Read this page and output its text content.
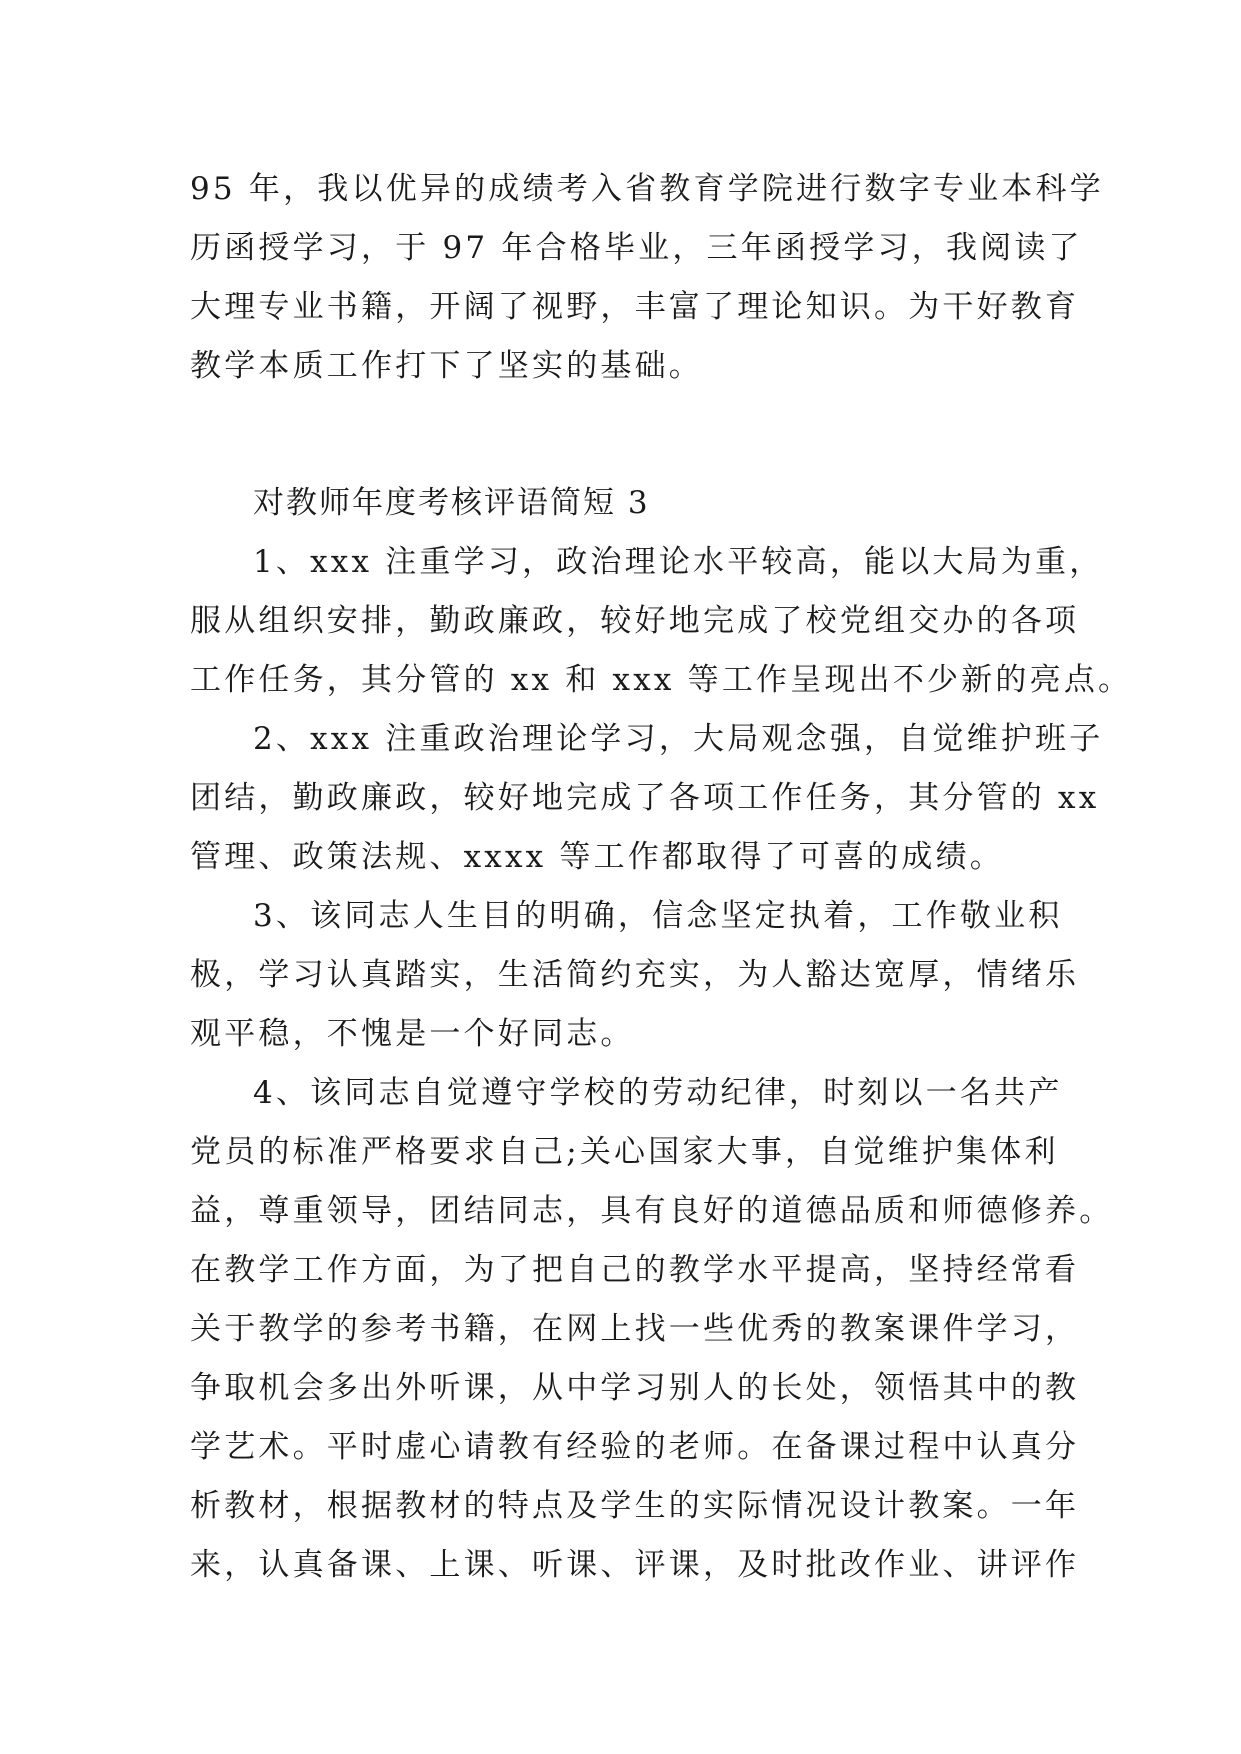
95 年，我以优异的成绩考入省教育学院进行数字专业本科学
历函授学习，于 97 年合格毕业，三年函授学习，我阅读了
大理专业书籍，开阔了视野，丰富了理论知识。为干好教育
教学本质工作打下了坚实的基础。
对教师年度考核评语简短 3
1、xxx 注重学习，政治理论水平较高，能以大局为重，
服从组织安排，勤政廉政，较好地完成了校党组交办的各项
工作任务，其分管的 xx 和 xxx 等工作呈现出不少新的亮点。
2、xxx 注重政治理论学习，大局观念强，自觉维护班子
团结，勤政廉政，较好地完成了各项工作任务，其分管的 xx
管理、政策法规、xxxx 等工作都取得了可喜的成绩。
3、该同志人生目的明确，信念坚定执着，工作敬业积
极，学习认真踏实，生活简约充实，为人豁达宽厚，情绪乐
观平稳，不愧是一个好同志。
4、该同志自觉遵守学校的劳动纪律，时刻以一名共产
党员的标准严格要求自己;关心国家大事，自觉维护集体利
益，尊重领导，团结同志，具有良好的道德品质和师德修养。
在教学工作方面，为了把自己的教学水平提高，坚持经常看
关于教学的参考书籍，在网上找一些优秀的教案课件学习，
争取机会多出外听课，从中学习别人的长处，领悟其中的教
学艺术。平时虚心请教有经验的老师。在备课过程中认真分
析教材，根据教材的特点及学生的实际情况设计教案。一年
来，认真备课、上课、听课、评课，及时批改作业、讲评作
